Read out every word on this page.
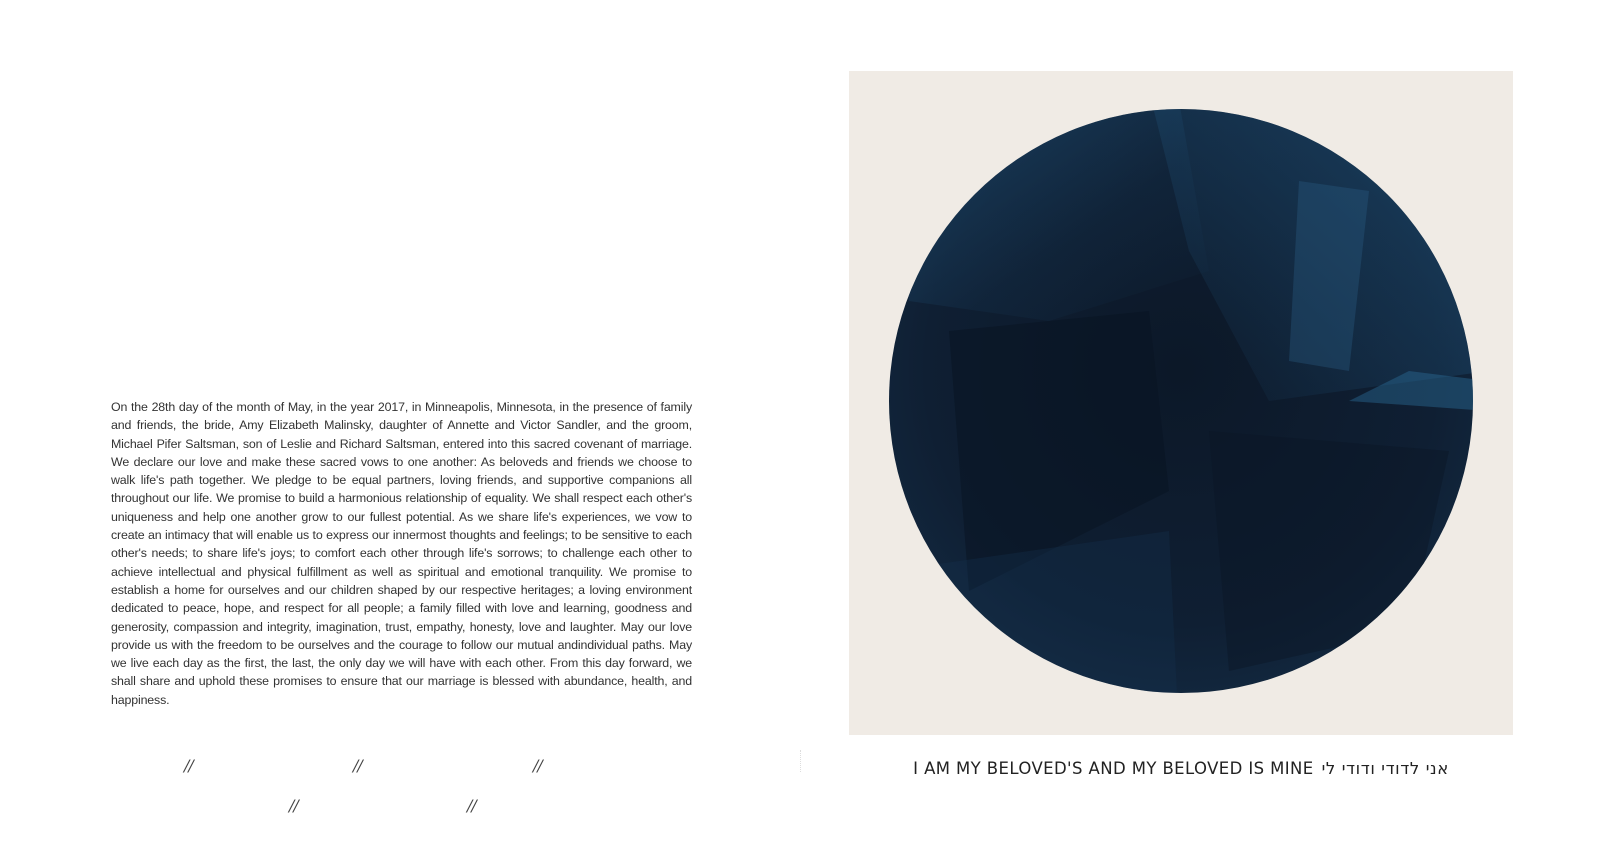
On the 28th day of the month of May, in the year 2017, in Minneapolis, Minnesota, in the presence of family and friends, the bride, Amy Elizabeth Malinsky, daughter of Annette and Victor Sandler, and the groom, Michael Pifer Saltsman, son of Leslie and Richard Saltsman, entered into this sacred covenant of marriage. We declare our love and make these sacred vows to one another: As beloveds and friends we choose to walk life's path together. We pledge to be equal partners, loving friends, and supportive companions all throughout our life. We promise to build a harmonious relationship of equality. We shall respect each other's uniqueness and help one another grow to our fullest potential. As we share life's experiences, we vow to create an intimacy that will enable us to express our innermost thoughts and feelings; to be sensitive to each other's needs; to share life's joys; to comfort each other through life's sorrows; to challenge each other to achieve intellectual and physical fulfillment as well as spiritual and emotional tranquility. We promise to establish a home for ourselves and our children shaped by our respective heritages; a loving environment dedicated to peace, hope, and respect for all people; a family filled with love and learning, goodness and generosity, compassion and integrity, imagination, trust, empathy, honesty, love and laughter. May our love provide us with the freedom to be ourselves and the courage to follow our mutual andindividual paths. May we live each day as the first, the last, the only day we will have with each other. From this day forward, we shall share and uphold these promises to ensure that our marriage is blessed with abundance, health, and happiness.

//	//	//
//	//
I AM MY BELOVED'S AND MY BELOVED IS MINE אני לדודי ודודי לי
